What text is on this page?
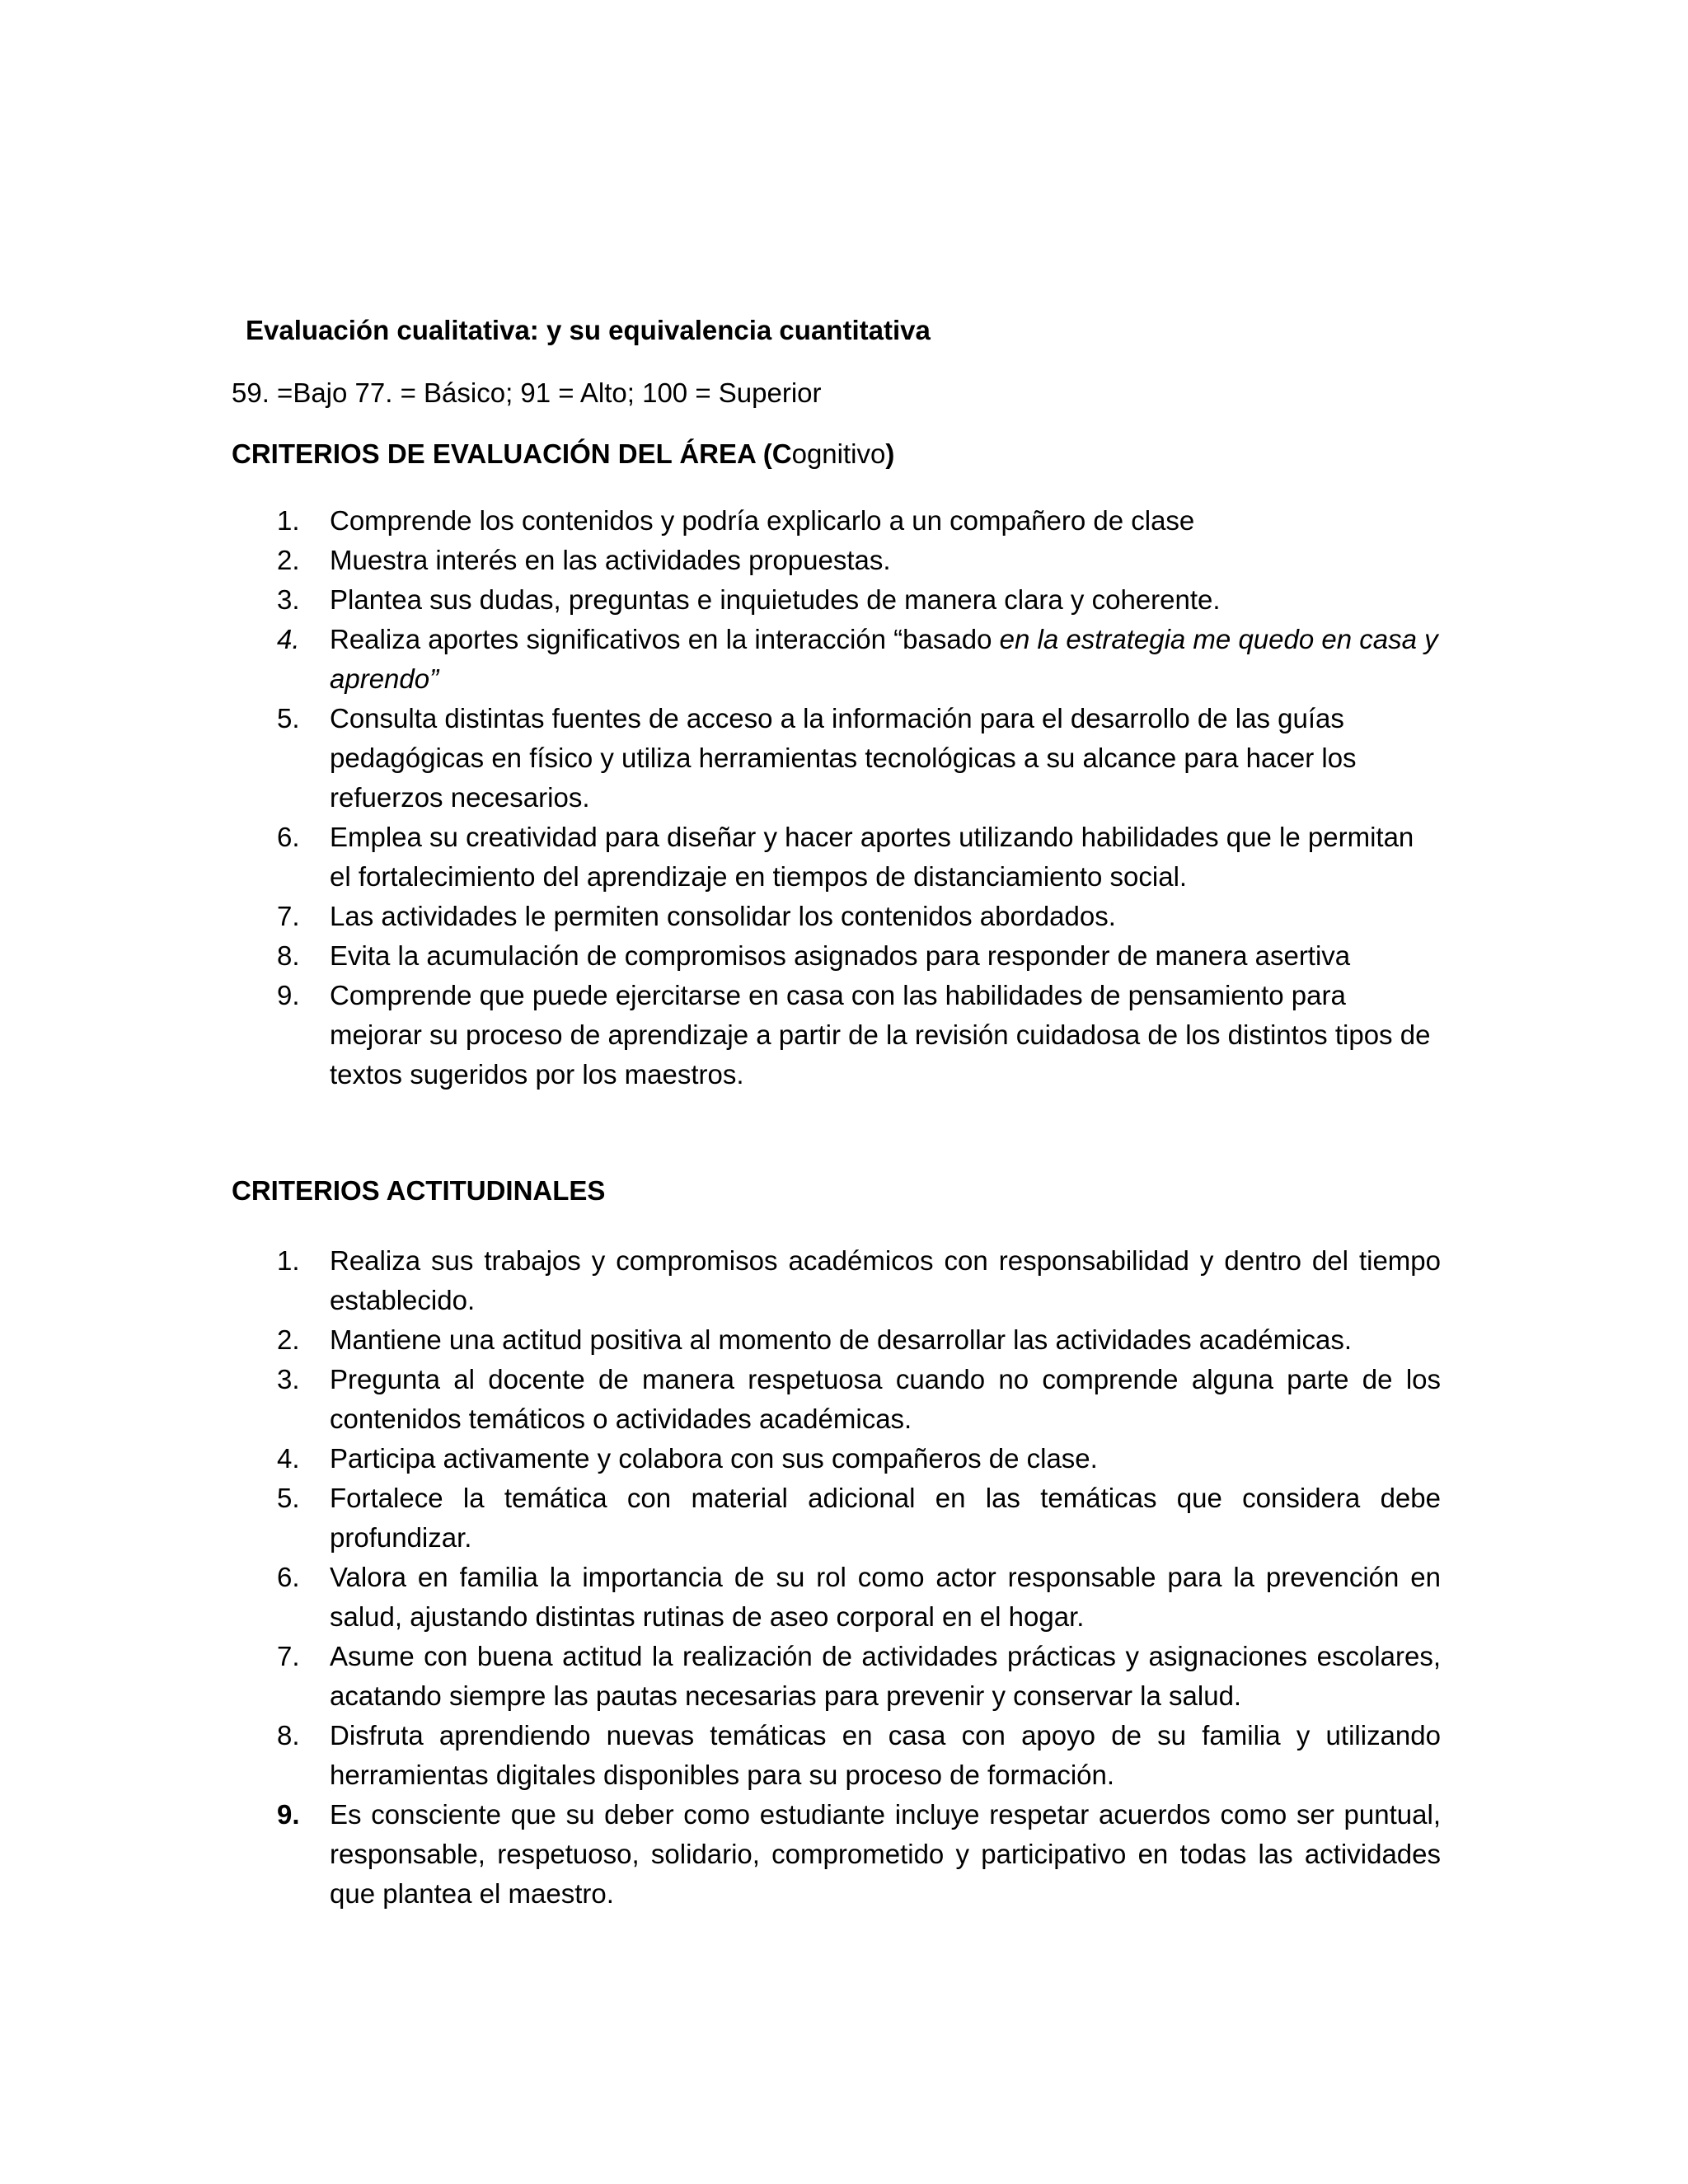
Evaluación cualitativa: y su equivalencia cuantitativa
59. =Bajo 77. = Básico; 91 = Alto; 100 = Superior
CRITERIOS DE EVALUACIÓN DEL ÁREA (Cognitivo)
1.	Comprende los contenidos y podría explicarlo a un compañero de clase
2.	Muestra interés en las actividades propuestas.
3.	Plantea sus dudas, preguntas e inquietudes de manera clara y coherente.
4.	Realiza aportes significativos en la interacción “basado en la estrategia me quedo en casa y aprendo”
5.	Consulta distintas fuentes de acceso a la información para el desarrollo de las guías pedagógicas en físico y utiliza herramientas tecnológicas a su alcance para hacer los refuerzos necesarios.
6.	Emplea su creatividad para diseñar y hacer aportes utilizando habilidades que le permitan el fortalecimiento del aprendizaje en tiempos de distanciamiento social.
7.	Las actividades le permiten consolidar los contenidos abordados.
8.	Evita la acumulación de compromisos asignados para responder de manera asertiva
9.	Comprende que puede ejercitarse en casa con las habilidades de pensamiento para mejorar su proceso de aprendizaje a partir de la revisión cuidadosa de los distintos tipos de textos sugeridos por los maestros.
CRITERIOS ACTITUDINALES
1.	Realiza sus trabajos y compromisos académicos con responsabilidad y dentro del tiempo establecido.
2.	Mantiene una actitud positiva al momento de desarrollar las actividades académicas.
3.	Pregunta al docente de manera respetuosa cuando no comprende alguna parte de los contenidos temáticos o actividades académicas.
4.	Participa activamente y colabora con sus compañeros de clase.
5.	Fortalece la temática con material adicional en las temáticas que considera debe profundizar.
6.	Valora en familia la importancia de su rol como actor responsable para la prevención en salud, ajustando distintas rutinas de aseo corporal en el hogar.
7.	Asume con buena actitud la realización de actividades prácticas y asignaciones escolares, acatando siempre las pautas necesarias para prevenir y conservar la salud.
8.	Disfruta aprendiendo nuevas temáticas en casa con apoyo de su familia y utilizando herramientas digitales disponibles para su proceso de formación.
9.	Es consciente que su deber como estudiante incluye respetar acuerdos como ser puntual, responsable, respetuoso, solidario, comprometido y participativo en todas las actividades que plantea el maestro.
